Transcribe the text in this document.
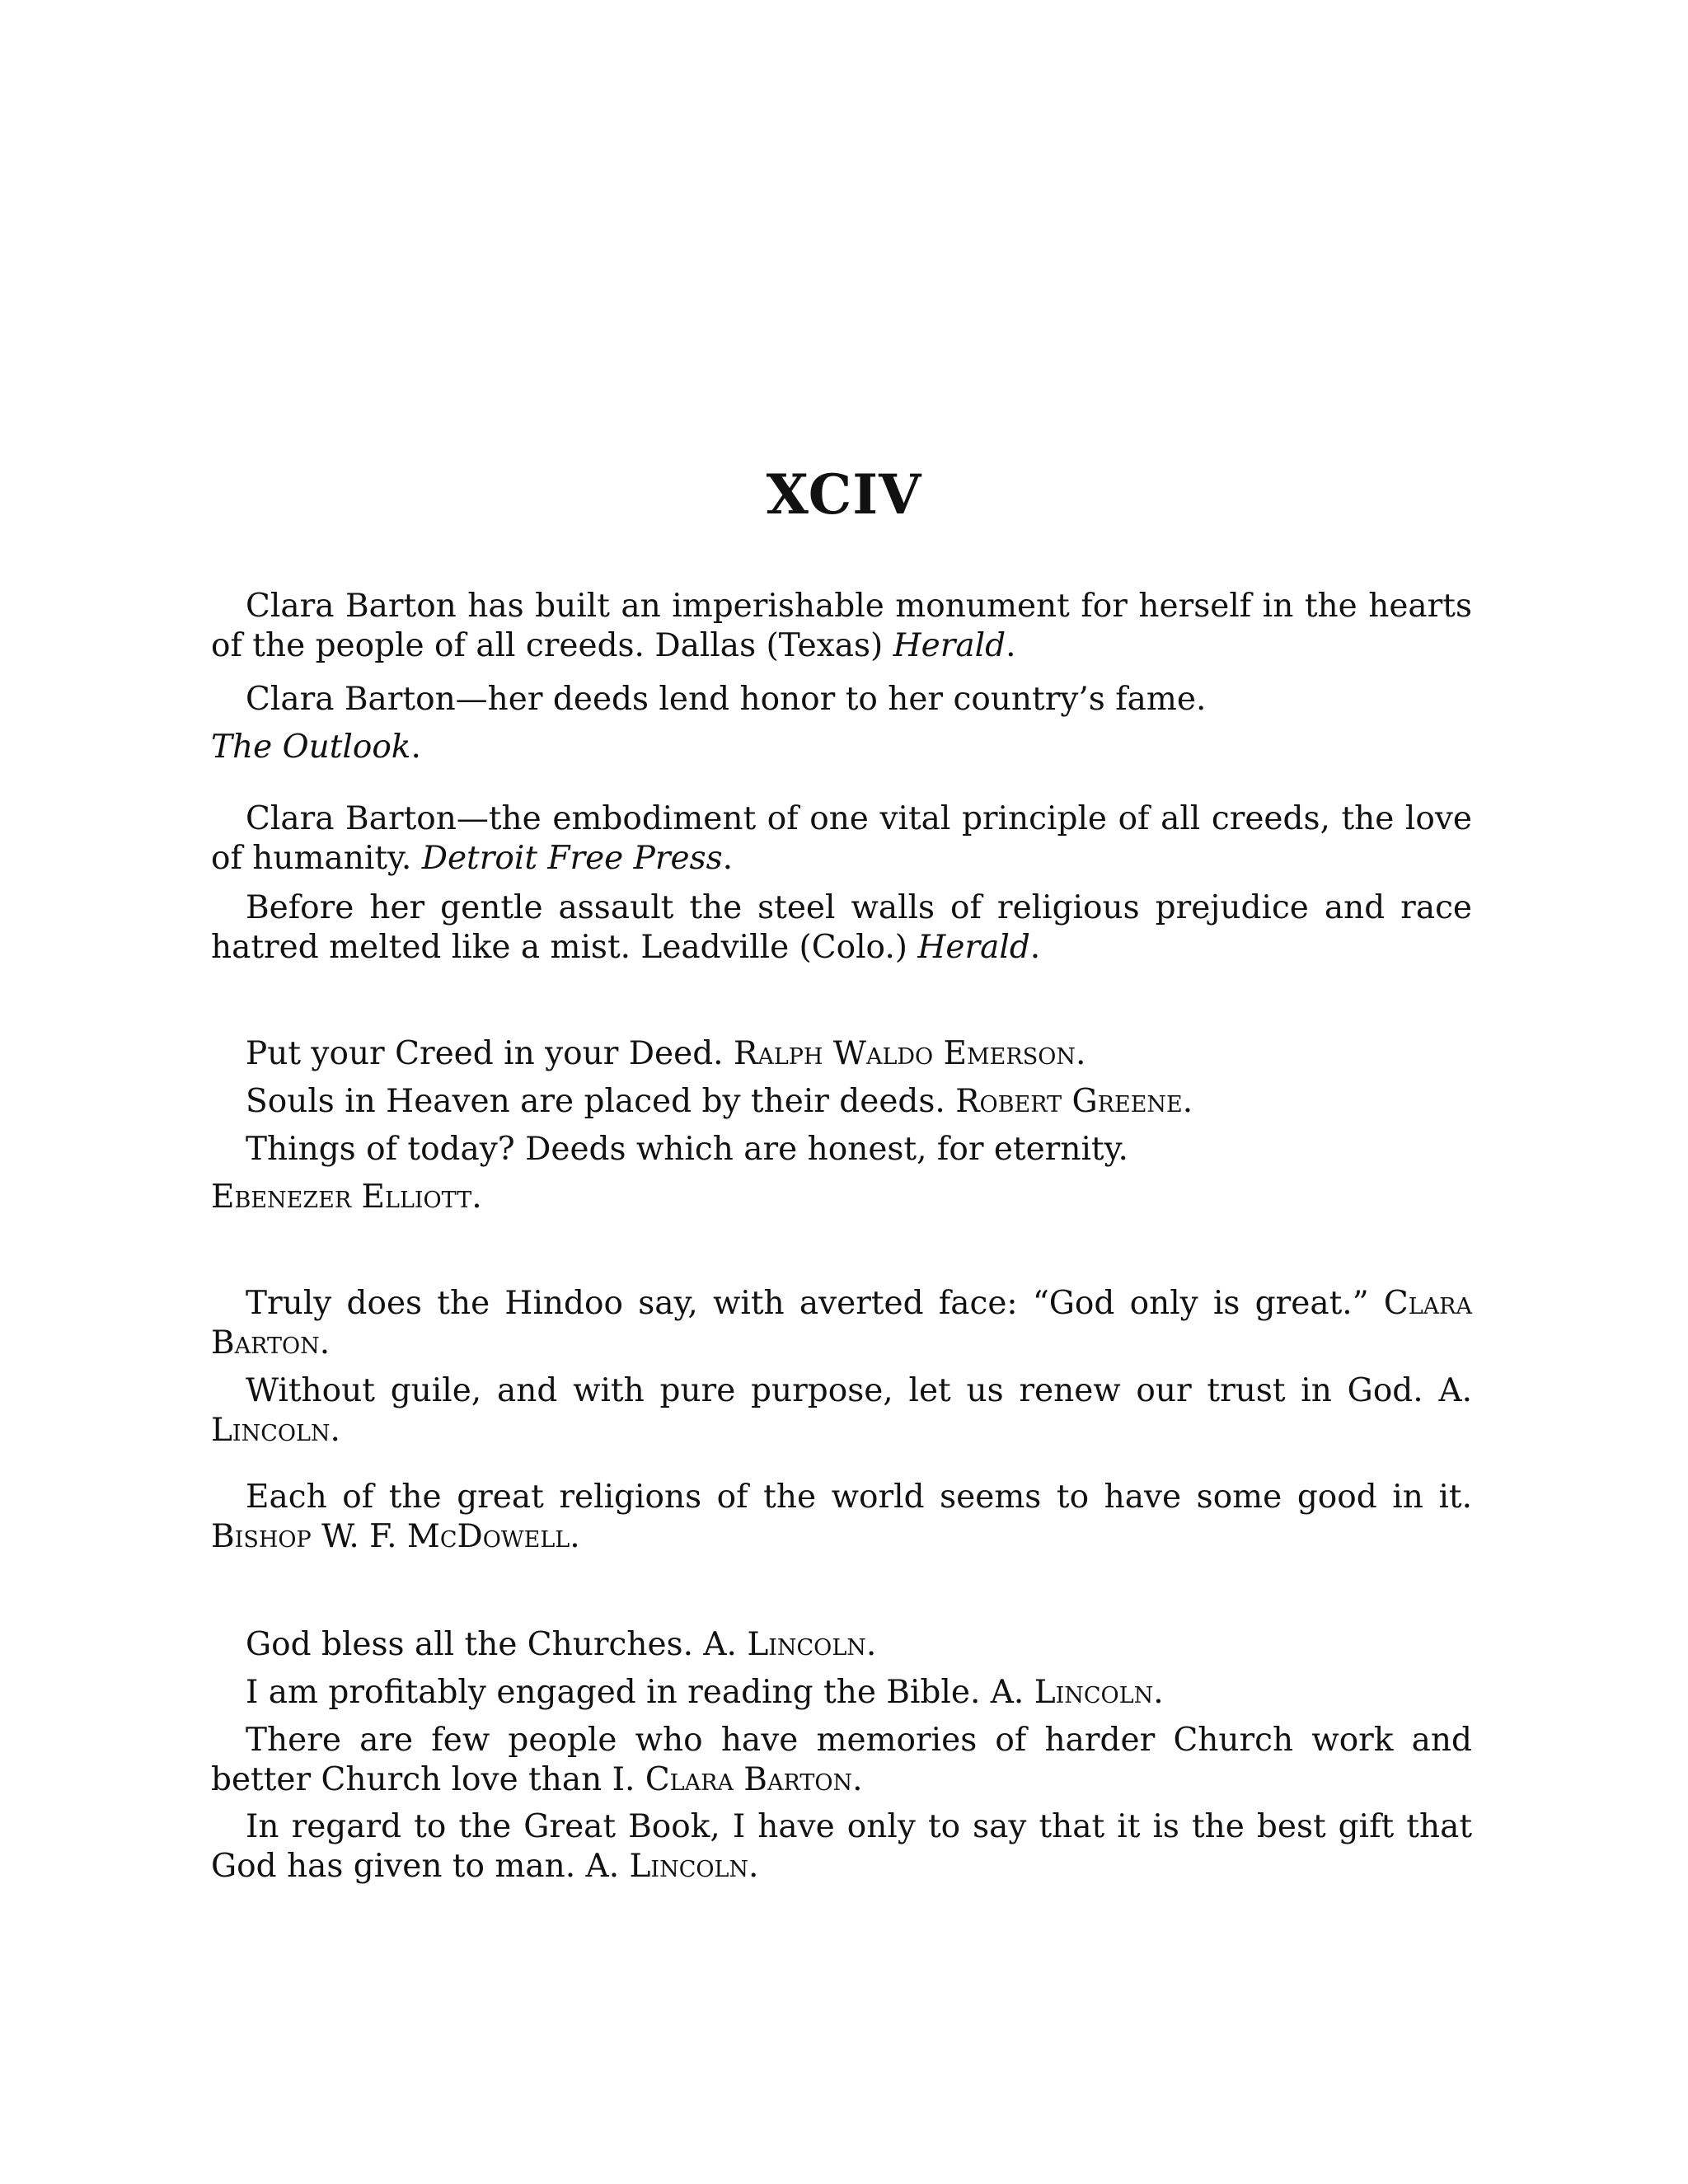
XCIV

Clara Barton has built an imperishable monument for herself in the hearts of the people of all creeds. Dallas (Texas) Herald.

Clara Barton—her deeds lend honor to her country’s fame.

The Outlook.

Clara Barton—the embodiment of one vital principle of all creeds, the love of humanity. Detroit Free Press.

Before her gentle assault the steel walls of religious prejudice and race hatred melted like a mist. Leadville (Colo.) Herald.

Put your Creed in your Deed. Ralph Waldo Emerson.

Souls in Heaven are placed by their deeds. Robert Greene.

Things of today? Deeds which are honest, for eternity.

Ebenezer Elliott.

Truly does the Hindoo say, with averted face: “God only is great.” Clara Barton.

Without guile, and with pure purpose, let us renew our trust in God. A. Lincoln.

Each of the great religions of the world seems to have some good in it. Bishop W. F. McDowell.

God bless all the Churches. A. Lincoln.

I am profitably engaged in reading the Bible. A. Lincoln.

There are few people who have memories of harder Church work and better Church love than I. Clara Barton.

In regard to the Great Book, I have only to say that it is the best gift that God has given to man. A. Lincoln.
